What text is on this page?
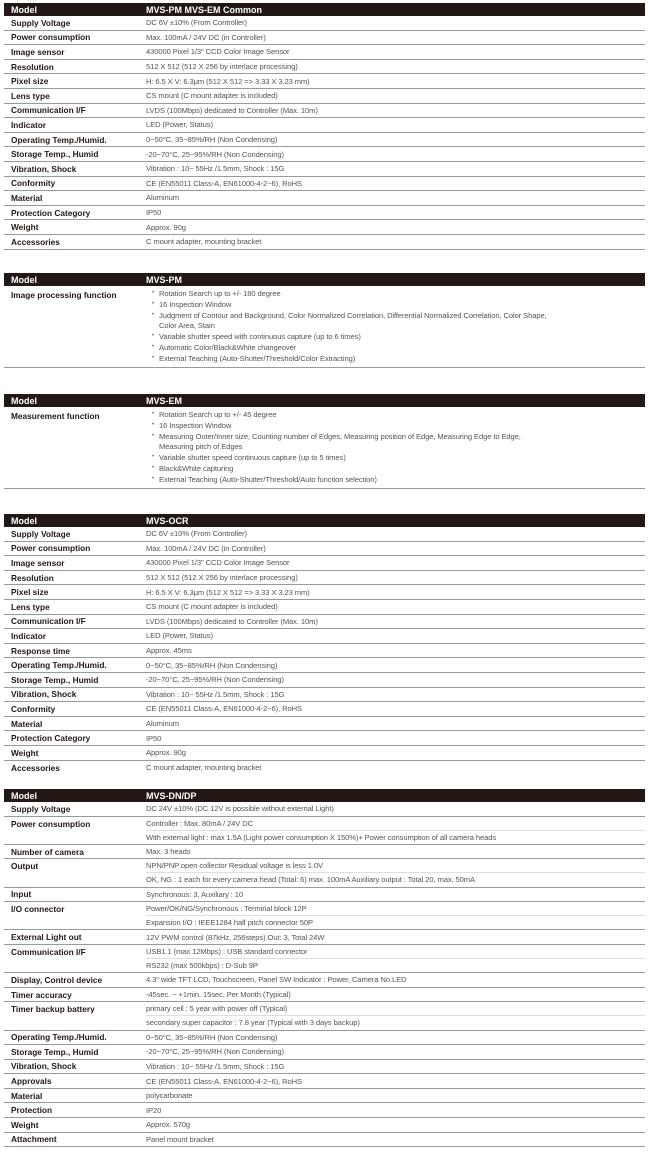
Model	MVS-PM MVS-EM Common
Supply Voltage	DC 6V ±10% (From Controller)
Power consumption	Max. 100mA / 24V DC (in Controller)
Image sensor	430000 Pixel 1/3" CCD Color Image Sensor
Resolution	512 X 512 (512 X 256 by interlace processing)
Pixel size	H: 6.5 X V: 6.3μm (512 X 512 => 3.33 X 3.23 mm)
Lens type	CS mount (C mount adapter is included)
Communication I/F	LVDS (100Mbps) dedicated to Controller (Max. 10m)
Indicator	LED (Power, Status)
Operating Temp./Humid.	0~50°C, 35~85%/RH (Non Condensing)
Storage Temp., Humid	-20~70°C, 25~95%/RH (Non Condensing)
Vibration, Shock	Vibration : 10~ 55Hz /1.5mm, Shock : 15G
Conformity	CE (EN55011 Class-A, EN61000-4-2~6), RoHS
Material	Aluminum
Protection Category	IP50
Weight	Approx. 90g
Accessories	C mount adapter, mounting bracket
Model	MVS-PM
Image processing function	• Rotation Search up to +/- 180 degree
• 16 Inspection Window
• Judgment of Contour and Background, Color Normalized Correlation, Differential Normalized Correlation, Color Shape,
Color Area, Stain
• Variable shutter speed with continuous capture (up to 6 times)
• Automatic Color/Black&White changeover
• External Teaching (Auto-Shutter/Threshold/Color Extracting)
Model	MVS-EM
Measurement function	• Rotation Search up to +/- 45 degree
• 16 Inspection Window
• Measuring Outer/Inner size, Counting number of Edges, Measuring position of Edge, Measuring Edge to Edge,
Measuring pitch of Edges
• Variable shutter speed continuous capture (up to 5 times)
• Black&White capturing
• External Teaching (Auto-Shutter/Threshold/Auto function selection)
Model	MVS-OCR
Supply Voltage	DC 6V ±10% (From Controller)
Power consumption	Max. 100mA / 24V DC (in Controller)
Image sensor	430000 Pixel 1/3" CCD Color Image Sensor
Resolution	512 X 512 (512 X 256 by interlace processing)
Pixel size	H: 6.5 X V: 6.3μm (512 X 512 => 3.33 X 3.23 mm)
Lens type	CS mount (C mount adapter is included)
Communication I/F	LVDS (100Mbps) dedicated to Controller (Max. 10m)
Indicator	LED (Power, Status)
Response time	Approx. 45ms
Operating Temp./Humid.	0~50°C, 35~85%/RH (Non Condensing)
Storage Temp., Humid	-20~70°C, 25~95%/RH (Non Condensing)
Vibration, Shock	Vibration : 10~ 55Hz /1.5mm, Shock : 15G
Conformity	CE (EN55011 Class-A, EN61000-4-2~6), RoHS
Material	Aluminum
Protection Category	IP50
Weight	Approx. 90g
Accessories	C mount adapter, mounting bracket
Model	MVS-DN/DP
Supply Voltage	DC 24V ±10% (DC 12V is possible without external Light)
Power consumption	Controller : Max. 80mA / 24V DC
With external light : max 1.5A (Light power consumption X 150%)+ Power consumption of all camera heads
Number of camera	Max. 3 heads
Output	NPN/PNP open collector Residual voltage is less 1.0V
OK, NG : 1 each for every camera head (Total: 6) max. 100mA Auxiliary output : Total 20, max. 50mA
Input	Synchronous: 3, Auxiliary : 10
I/O connector	Power/OK/NG/Synchronous : Terminal block 12P
Expansion I/O : IEEE1284 half pitch connector 50P
External Light out	12V PWM control (87kHz, 256steps) Out: 3, Total 24W
Communication I/F	USB1.1 (max 12Mbps) : USB standard connector
RS232 (max 500kbps) : D-Sub 9P
Display, Control device	4.3" wide TFT LCD, Touchscreen, Panel SW Indicator : Power, Camera No.LED
Timer accuracy	-45sec. ~ +1min. 15sec. Per Month (Typical)
Timer backup battery	primary cell : 5 year with power off (Typical)
secondary super capacitor : 7.8 year (Typical with 3 days backup)
Operating Temp./Humid.	0~50°C, 35~85%/RH (Non Condensing)
Storage Temp., Humid	-20~70°C, 25~95%/RH (Non Condensing)
Vibration, Shock	Vibration : 10~ 55Hz /1.5mm, Shock : 15G
Approvals	CE (EN55011 Class-A, EN61000-4-2~6), RoHS
Material	polycarbonate
Protection	IP20
Weight	Approx. 570g
Attachment	Panel mount bracket
